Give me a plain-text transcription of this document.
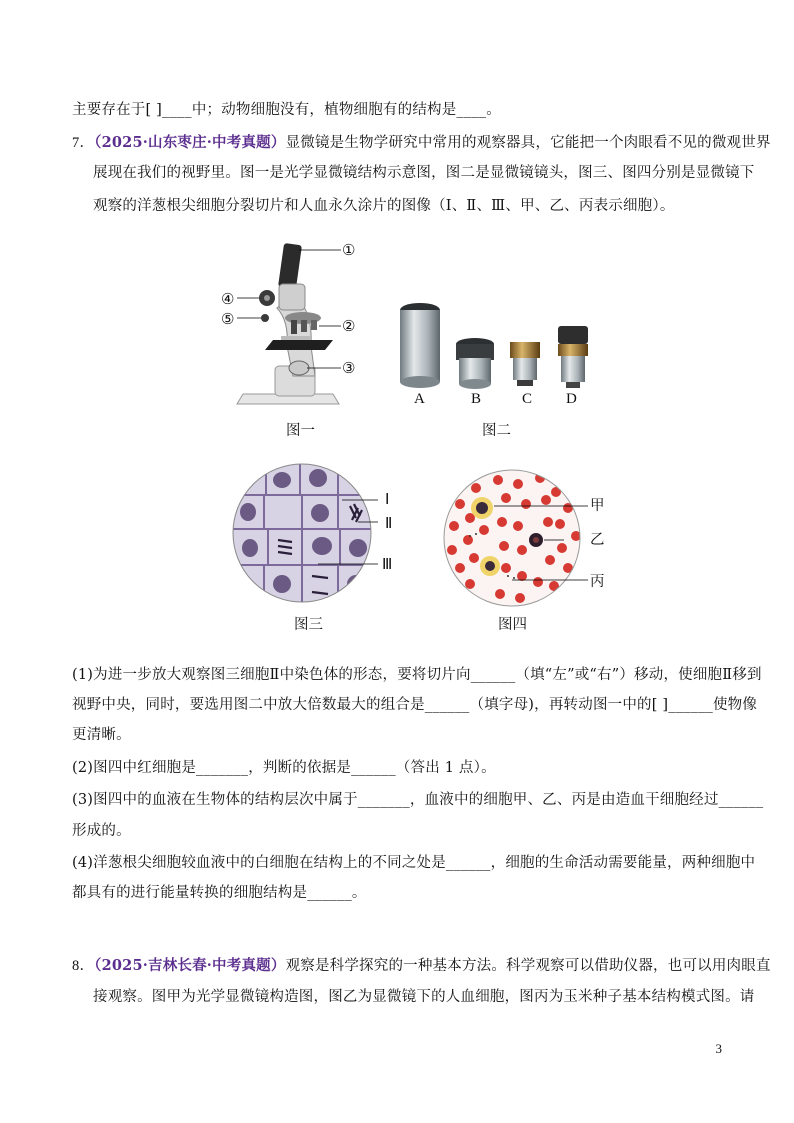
主要存在于[ ]____中；动物细胞没有，植物细胞有的结构是____。
7．（2025·山东枣庄·中考真题）显微镜是生物学研究中常用的观察器具，它能把一个肉眼看不见的微观世界
展现在我们的视野里。图一是光学显微镜结构示意图，图二是显微镜镜头，图三、图四分别是显微镜下
观察的洋葱根尖细胞分裂切片和人血永久涂片的图像（Ⅰ、Ⅱ、Ⅲ、甲、乙、丙表示细胞）。
①
②
③
④
⑤
图一
A	B	C D
图二
Ⅰ
Ⅱ
Ⅲ
图三
甲
乙
丙
图四
(1)为进一步放大观察图三细胞Ⅱ中染色体的形态，要将切片向______（填“左”或“右”）移动，使细胞Ⅱ移到
视野中央，同时，要选用图二中放大倍数最大的组合是______（填字母)，再转动图一中的[ ]______使物像
更清晰。
(2)图四中红细胞是_______，判断的依据是______（答出 1 点）。
(3)图四中的血液在生物体的结构层次中属于_______，血液中的细胞甲、乙、丙是由造血干细胞经过______
形成的。
(4)洋葱根尖细胞较血液中的白细胞在结构上的不同之处是______，细胞的生命活动需要能量，两种细胞中
都具有的进行能量转换的细胞结构是______。
8．（2025·吉林长春·中考真题）观察是科学探究的一种基本方法。科学观察可以借助仪器，也可以用肉眼直
接观察。图甲为光学显微镜构造图，图乙为显微镜下的人血细胞，图丙为玉米种子基本结构模式图。请
3
